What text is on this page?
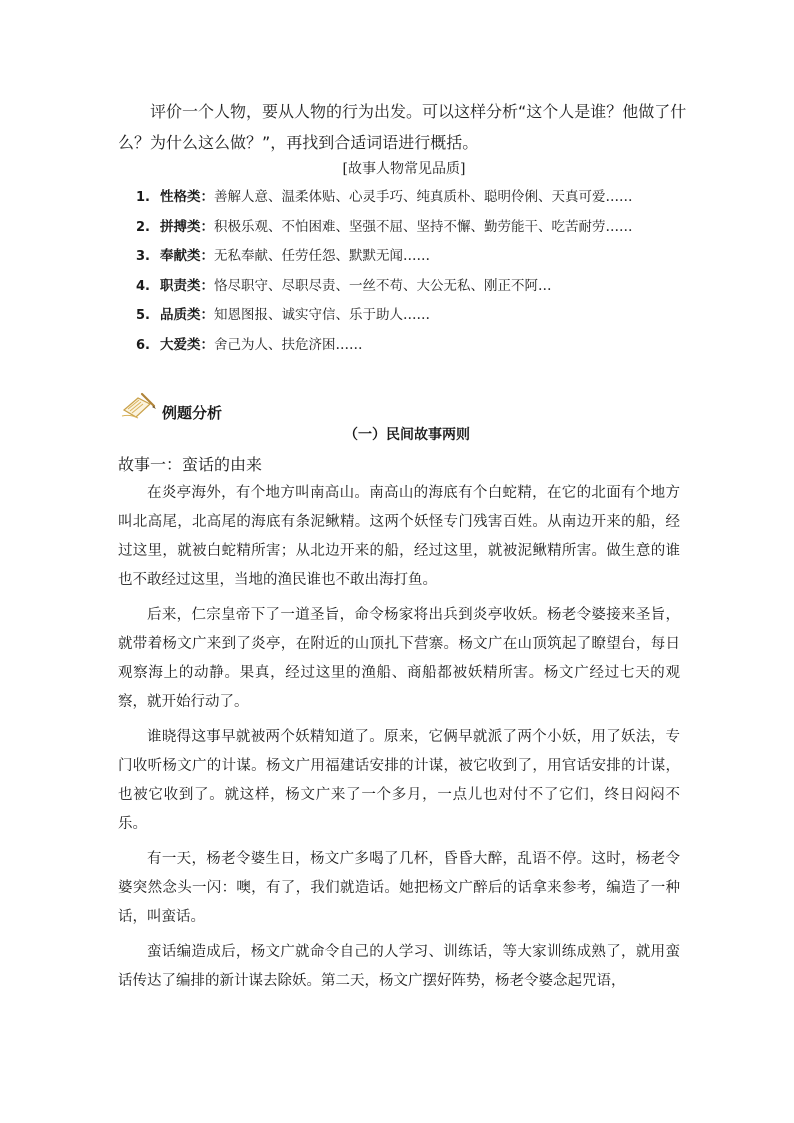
评价一个人物，要从人物的行为出发。可以这样分析“这个人是谁？他做了什么？为什么这么做？”，再找到合适词语进行概括。

[故事人物常见品质]

1. 性格类：善解人意、温柔体贴、心灵手巧、纯真质朴、聪明伶俐、天真可爱……
2. 拼搏类：积极乐观、不怕困难、坚强不屈、坚持不懈、勤劳能干、吃苦耐劳……
3. 奉献类：无私奉献、任劳任怨、默默无闻……
4. 职责类：恪尽职守、尽职尽责、一丝不苟、大公无私、刚正不阿…
5. 品质类：知恩图报、诚实守信、乐于助人……
6. 大爱类：舍己为人、扶危济困……
例题分析

（一）民间故事两则

故事一：蛮话的由来

在炎亭海外，有个地方叫南高山。南高山的海底有个白蛇精，在它的北面有个地方叫北高尾，北高尾的海底有条泥鳅精。这两个妖怪专门残害百姓。从南边开来的船，经过这里，就被白蛇精所害；从北边开来的船，经过这里，就被泥鳅精所害。做生意的谁也不敢经过这里，当地的渔民谁也不敢出海打鱼。

后来，仁宗皇帝下了一道圣旨，命令杨家将出兵到炎亭收妖。杨老令婆接来圣旨，就带着杨文广来到了炎亭，在附近的山顶扎下营寨。杨文广在山顶筑起了瞭望台，每日观察海上的动静。果真，经过这里的渔船、商船都被妖精所害。杨文广经过七天的观察，就开始行动了。

谁晓得这事早就被两个妖精知道了。原来，它俩早就派了两个小妖，用了妖法，专门收听杨文广的计谋。杨文广用福建话安排的计谋，被它收到了，用官话安排的计谋，也被它收到了。就这样，杨文广来了一个多月，一点儿也对付不了它们，终日闷闷不乐。

有一天，杨老令婆生日，杨文广多喝了几杯，昏昏大醉，乱语不停。这时，杨老令婆突然念头一闪：噢，有了，我们就造话。她把杨文广醉后的话拿来参考，编造了一种话，叫蛮话。

蛮话编造成后，杨文广就命令自己的人学习、训练话，等大家训练成熟了，就用蛮话传达了编排的新计谋去除妖。第二天，杨文广摆好阵势，杨老令婆念起咒语，
